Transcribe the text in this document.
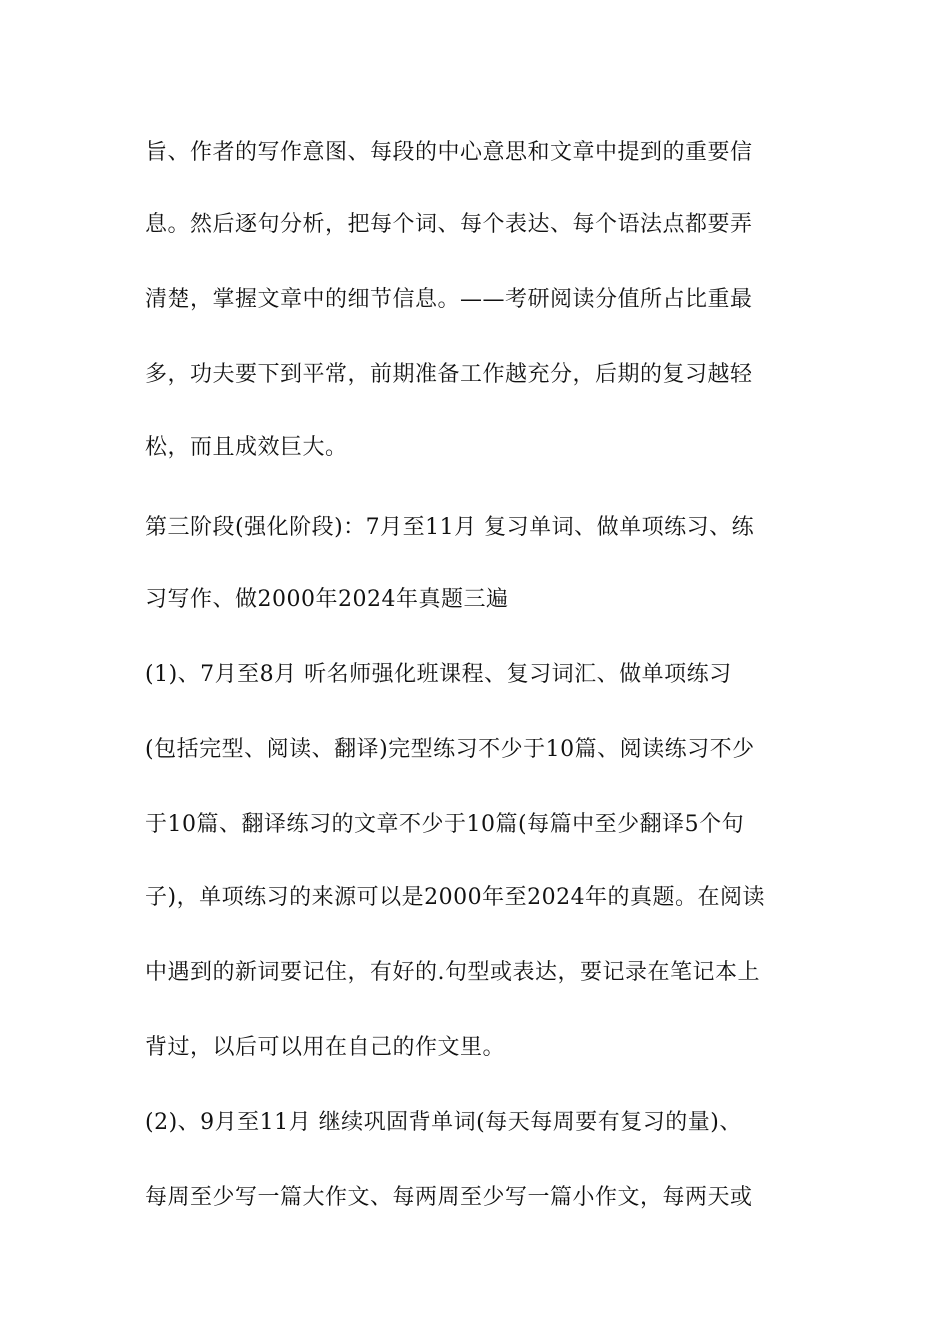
旨、作者的写作意图、每段的中心意思和文章中提到的重要信
息。然后逐句分析，把每个词、每个表达、每个语法点都要弄
清楚，掌握文章中的细节信息。——考研阅读分值所占比重最
多，功夫要下到平常，前期准备工作越充分，后期的复习越轻
松，而且成效巨大。
第三阶段(强化阶段)：7月至11月 复习单词、做单项练习、练
习写作、做2000年2024年真题三遍
(1)、7月至8月 听名师强化班课程、复习词汇、做单项练习
(包括完型、阅读、翻译)完型练习不少于10篇、阅读练习不少
于10篇、翻译练习的文章不少于10篇(每篇中至少翻译5个句
子)，单项练习的来源可以是2000年至2024年的真题。在阅读
中遇到的新词要记住，有好的.句型或表达，要记录在笔记本上
背过，以后可以用在自己的作文里。
(2)、9月至11月 继续巩固背单词(每天每周要有复习的量)、
每周至少写一篇大作文、每两周至少写一篇小作文，每两天或
